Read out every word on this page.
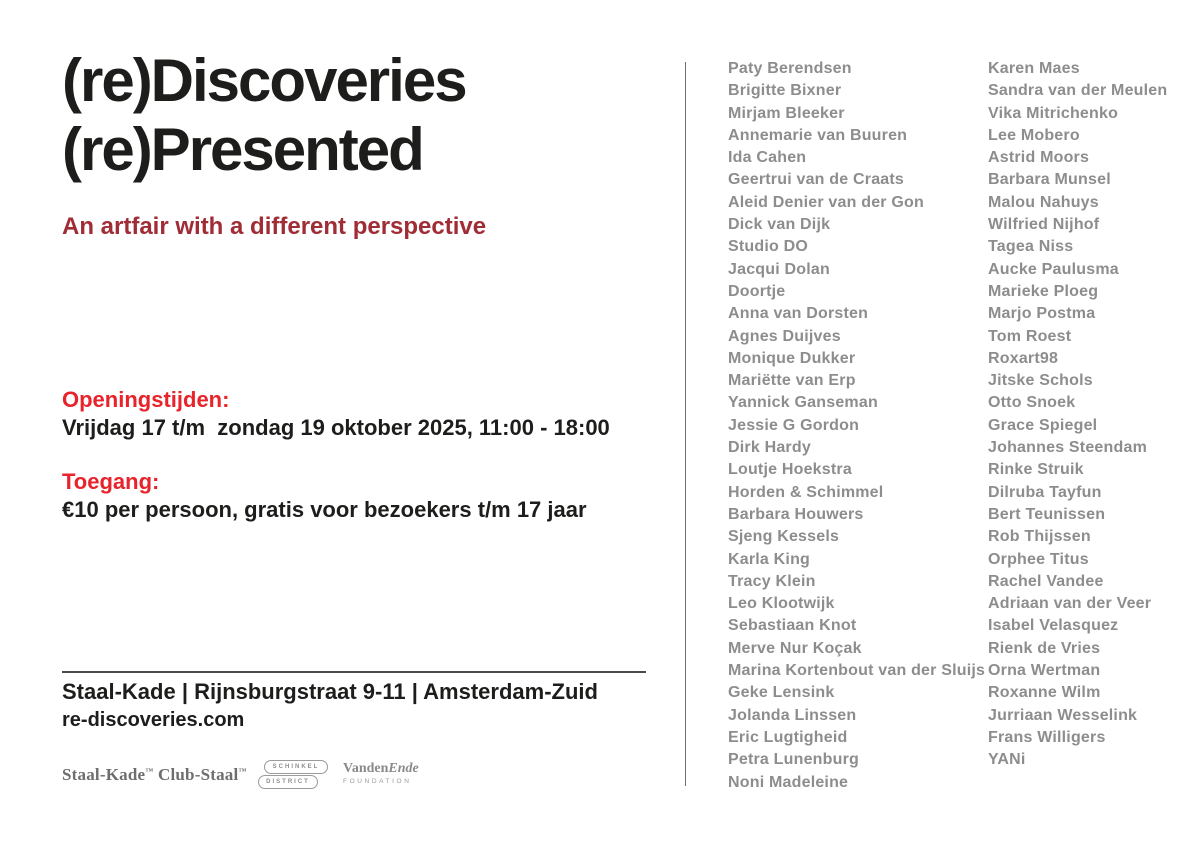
(re)Discoveries
(re)Presented

An artfair with a different perspective

Openingstijden:
Vrijdag 17 t/m  zondag 19 oktober 2025, 11:00 - 18:00
Toegang:
€10 per persoon, gratis voor bezoekers t/m 17 jaar
Staal-Kade | Rijnsburgstraat 9-11 | Amsterdam-Zuid
re-discoveries.com
Staal-Kade™ Club-Staal™	SCHINKEL
DISTRICT
VandenEnde
FOUNDATION
Paty Berendsen
Brigitte Bixner
Mirjam Bleeker
Annemarie van Buuren
Ida Cahen
Geertrui van de Craats
Aleid Denier van der Gon
Dick van Dijk
Studio DO
Jacqui Dolan
Doortje
Anna van Dorsten
Agnes Duijves
Monique Dukker
Mariëtte van Erp
Yannick Ganseman
Jessie G Gordon
Dirk Hardy
Loutje Hoekstra
Horden & Schimmel
Barbara Houwers
Sjeng Kessels
Karla King
Tracy Klein
Leo Klootwijk
Sebastiaan Knot
Merve Nur Koçak
Marina Kortenbout van der Sluijs
Geke Lensink
Jolanda Linssen
Eric Lugtigheid
Petra Lunenburg
Noni Madeleine
Karen Maes
Sandra van der Meulen
Vika Mitrichenko
Lee Mobero
Astrid Moors
Barbara Munsel
Malou Nahuys
Wilfried Nijhof
Tagea Niss
Aucke Paulusma
Marieke Ploeg
Marjo Postma
Tom Roest
Roxart98
Jitske Schols
Otto Snoek
Grace Spiegel
Johannes Steendam
Rinke Struik
Dilruba Tayfun
Bert Teunissen
Rob Thijssen
Orphee Titus
Rachel Vandee
Adriaan van der Veer
Isabel Velasquez
Rienk de Vries
Orna Wertman
Roxanne Wilm
Jurriaan Wesselink
Frans Willigers
YANi
